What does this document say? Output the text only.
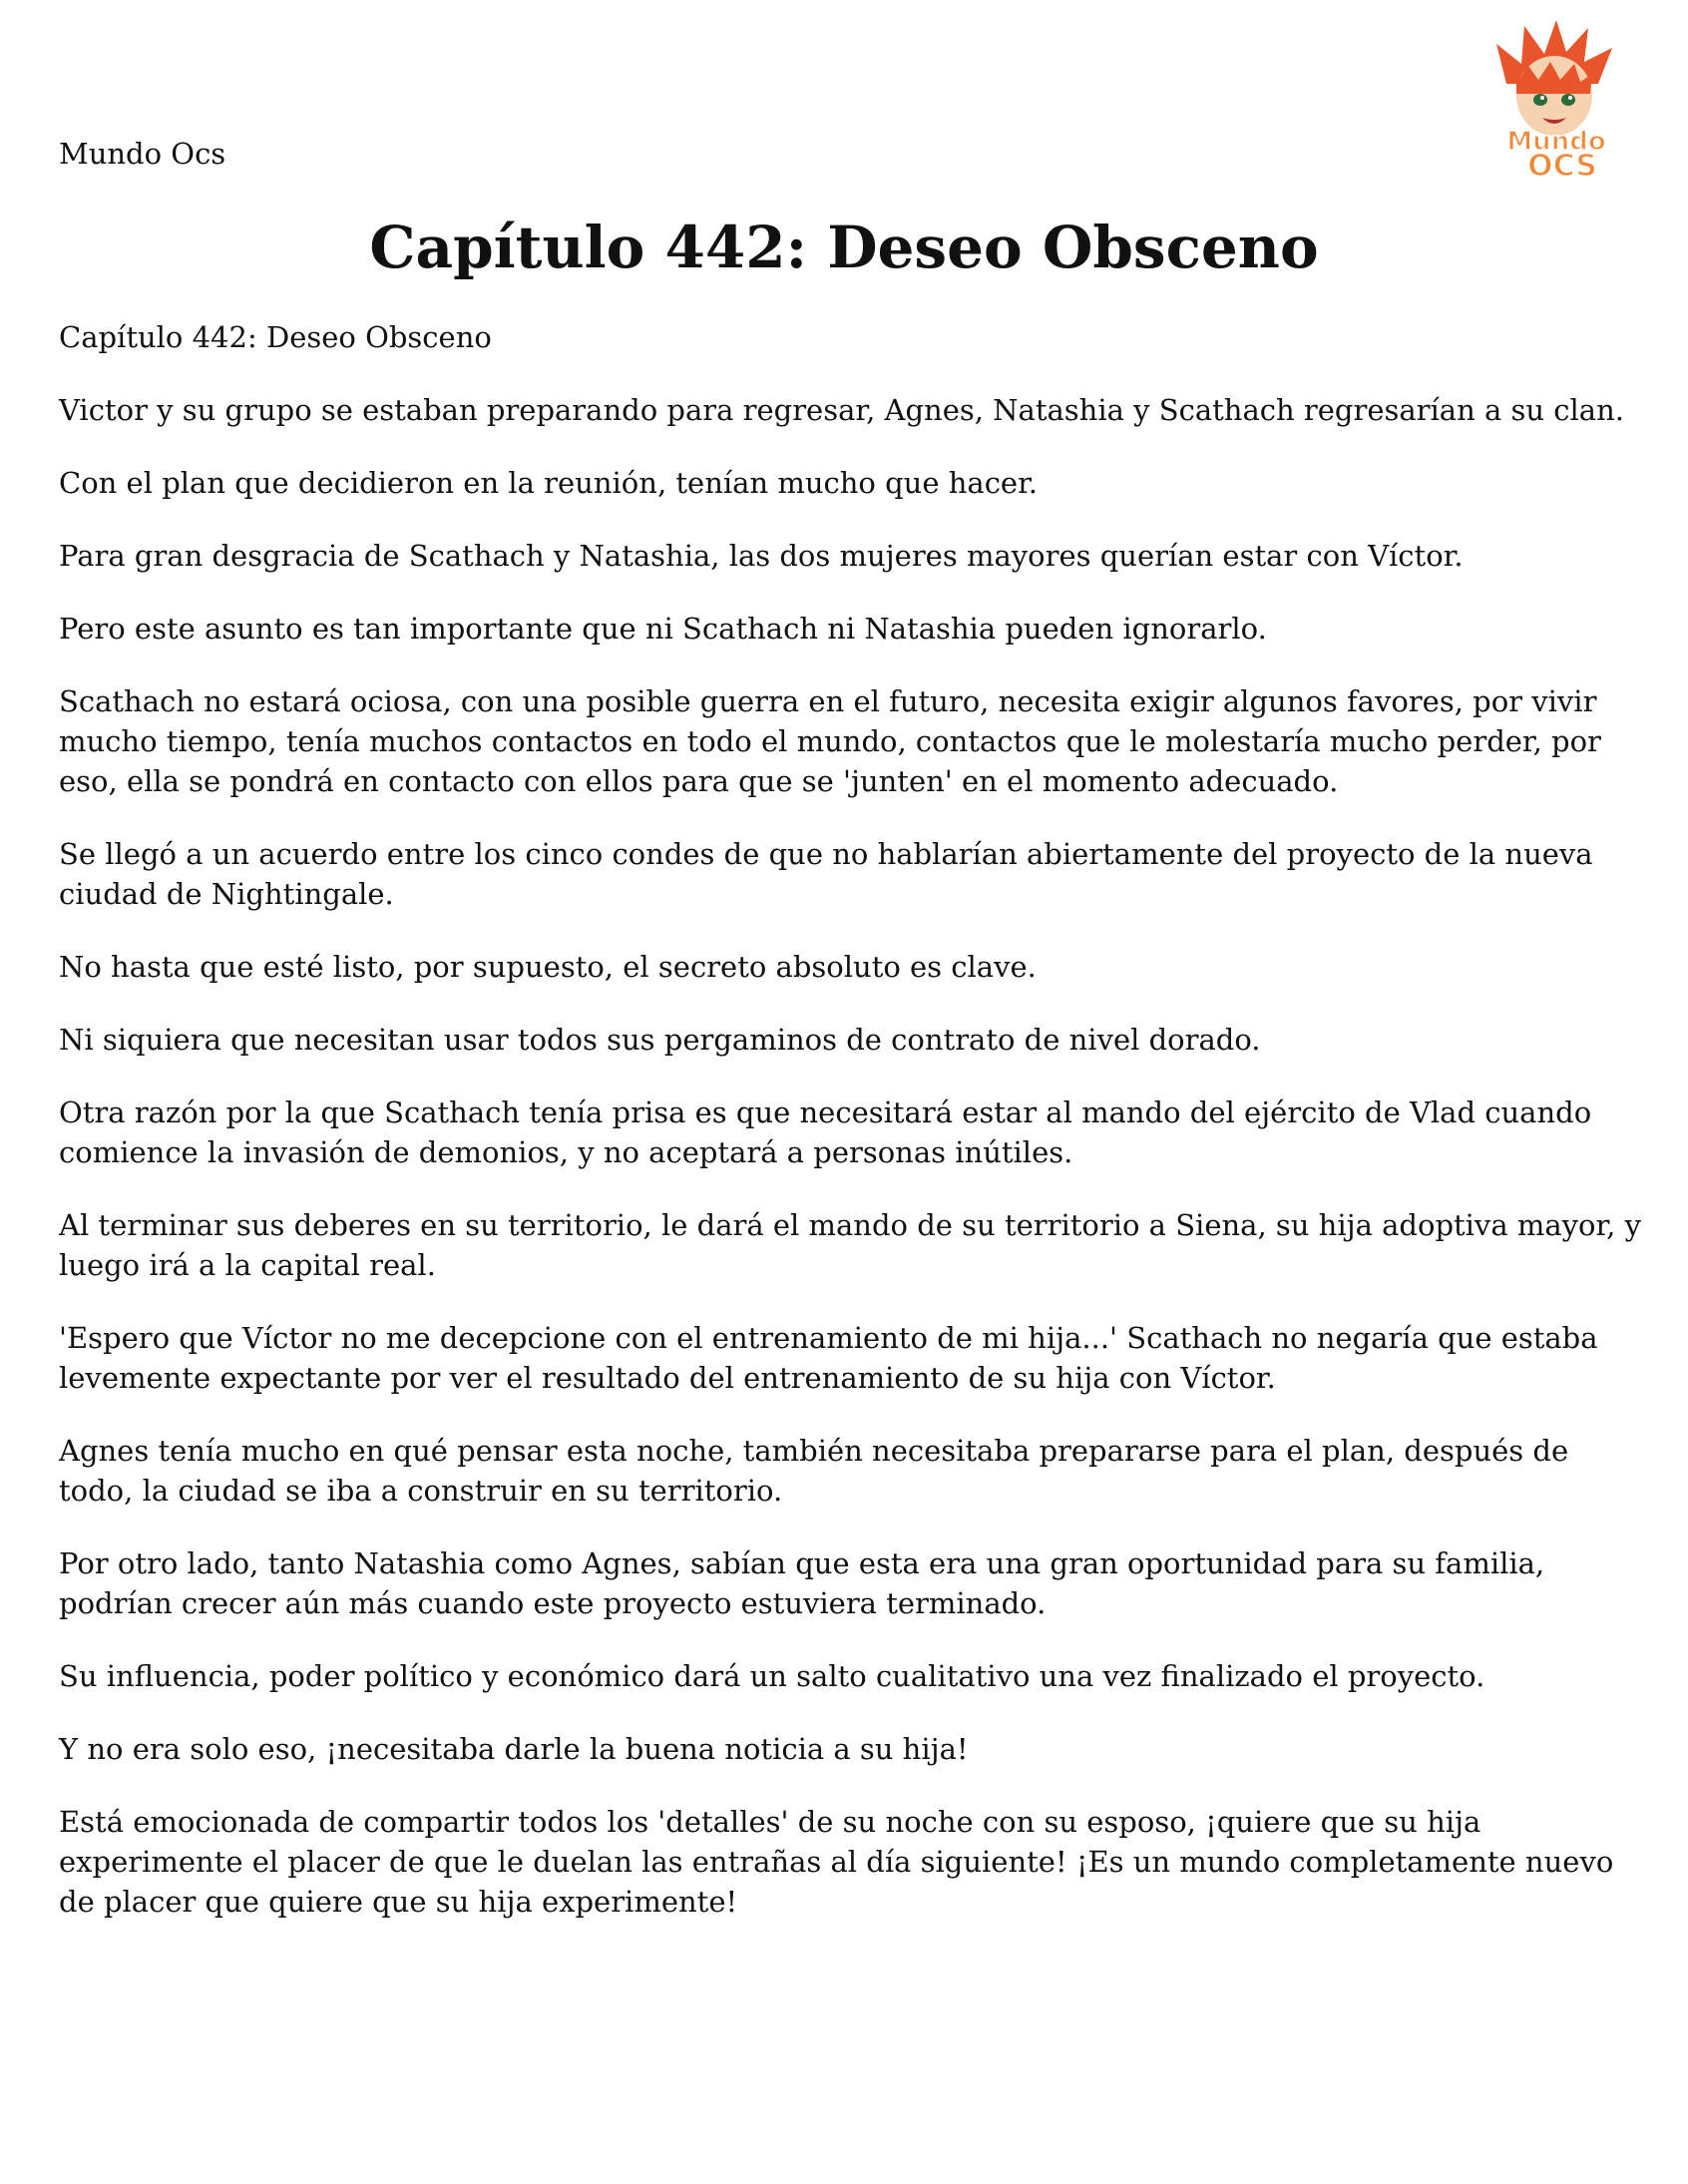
Mundo Ocs	Mundo
OCS
Capítulo 442: Deseo Obsceno

Capítulo 442: Deseo Obsceno

Victor y su grupo se estaban preparando para regresar, Agnes, Natashia y Scathach regresarían a su clan.

Con el plan que decidieron en la reunión, tenían mucho que hacer.

Para gran desgracia de Scathach y Natashia, las dos mujeres mayores querían estar con Víctor.

Pero este asunto es tan importante que ni Scathach ni Natashia pueden ignorarlo.

Scathach no estará ociosa, con una posible guerra en el futuro, necesita exigir algunos favores, por vivir mucho tiempo, tenía muchos contactos en todo el mundo, contactos que le molestaría mucho perder, por eso, ella se pondrá en contacto con ellos para que se 'junten' en el momento adecuado.

Se llegó a un acuerdo entre los cinco condes de que no hablarían abiertamente del proyecto de la nueva ciudad de Nightingale.

No hasta que esté listo, por supuesto, el secreto absoluto es clave.

Ni siquiera que necesitan usar todos sus pergaminos de contrato de nivel dorado.

Otra razón por la que Scathach tenía prisa es que necesitará estar al mando del ejército de Vlad cuando comience la invasión de demonios, y no aceptará a personas inútiles.

Al terminar sus deberes en su territorio, le dará el mando de su territorio a Siena, su hija adoptiva mayor, y luego irá a la capital real.

'Espero que Víctor no me decepcione con el entrenamiento de mi hija...' Scathach no negaría que estaba levemente expectante por ver el resultado del entrenamiento de su hija con Víctor.

Agnes tenía mucho en qué pensar esta noche, también necesitaba prepararse para el plan, después de todo, la ciudad se iba a construir en su territorio.

Por otro lado, tanto Natashia como Agnes, sabían que esta era una gran oportunidad para su familia, podrían crecer aún más cuando este proyecto estuviera terminado.

Su influencia, poder político y económico dará un salto cualitativo una vez finalizado el proyecto.

Y no era solo eso, ¡necesitaba darle la buena noticia a su hija!

Está emocionada de compartir todos los 'detalles' de su noche con su esposo, ¡quiere que su hija experimente el placer de que le duelan las entrañas al día siguiente! ¡Es un mundo completamente nuevo de placer que quiere que su hija experimente!
